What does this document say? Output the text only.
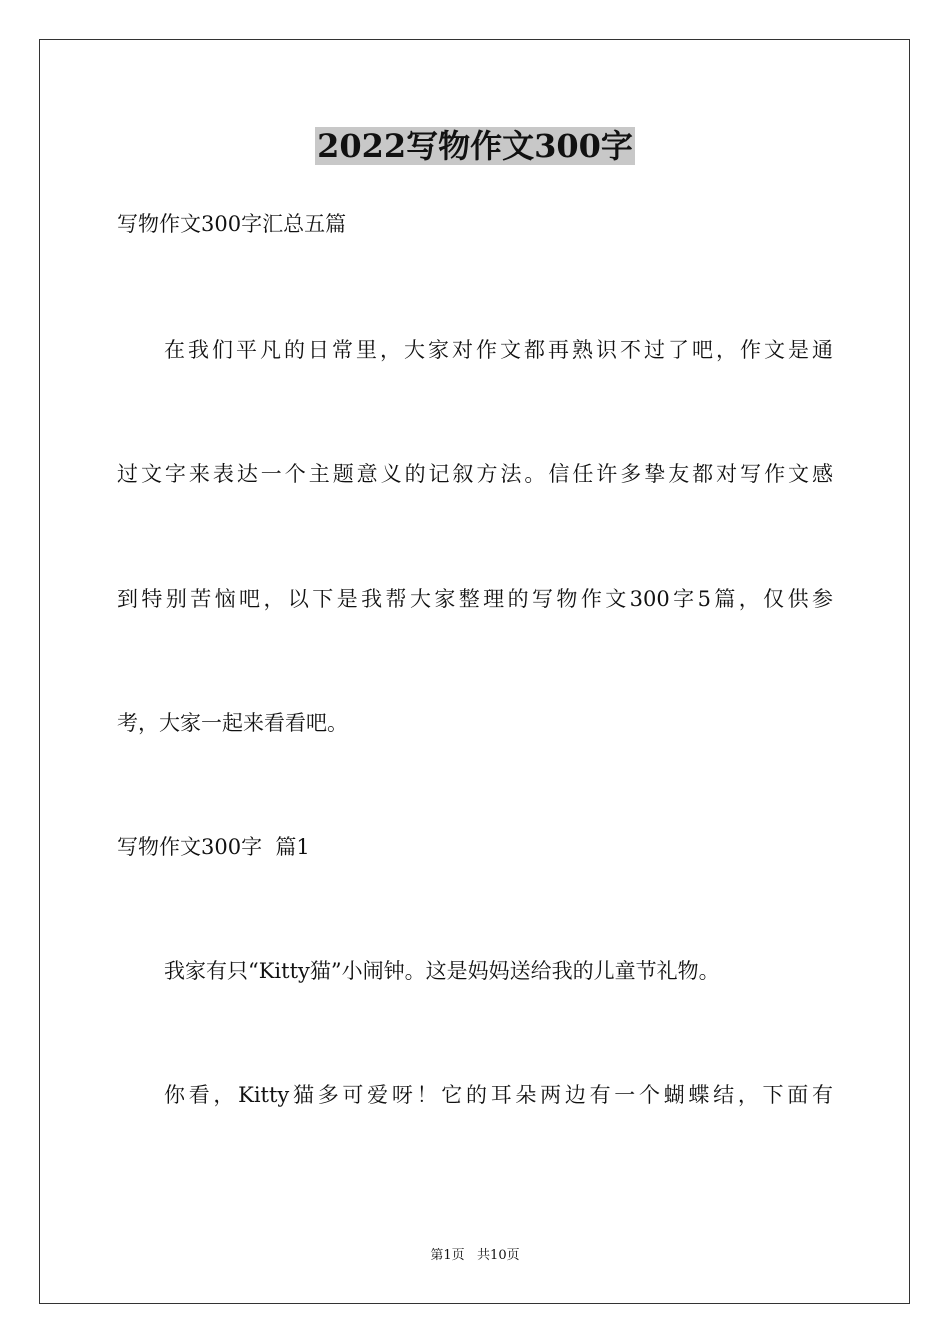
2022写物作文300字
写物作文300字汇总五篇
在我们平凡的日常里，大家对作文都再熟识不过了吧，作文是通
过文字来表达一个主题意义的记叙方法。信任许多挚友都对写作文感
到特别苦恼吧，以下是我帮大家整理的写物作文300字5篇，仅供参
考，大家一起来看看吧。
写物作文300字  篇1
我家有只“Kitty猫”小闹钟。这是妈妈送给我的儿童节礼物。
你看，Kitty猫多可爱呀！它的耳朵两边有一个蝴蝶结，下面有
第1页   共10页
